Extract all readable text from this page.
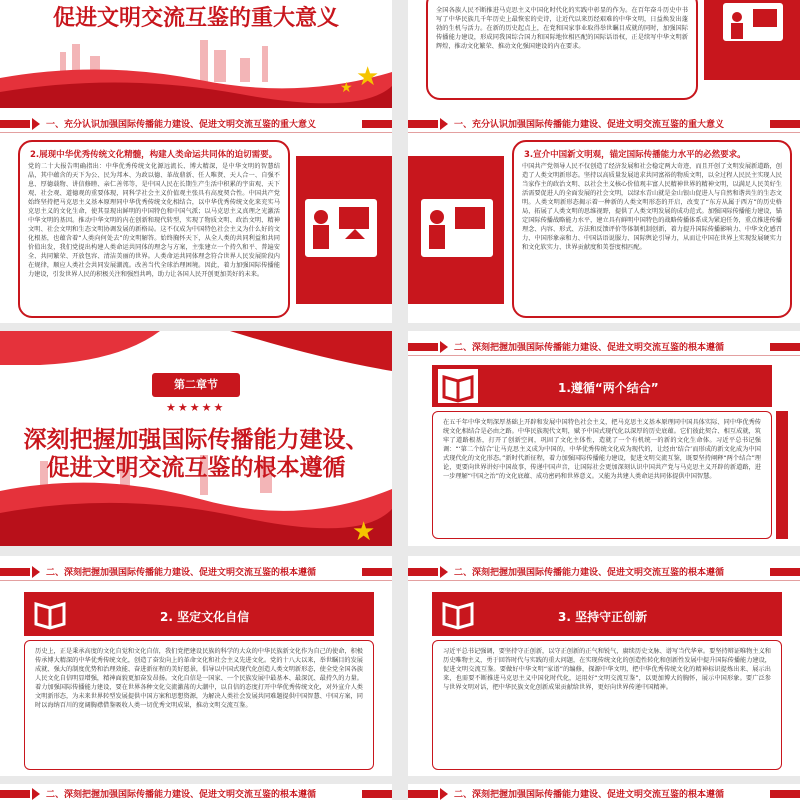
促进文明交流互鉴的重大意义
★
★
全国各族人民不断推进马克思主义中国化时代化的实践中彰显的作为。在百年奋斗历史中书写了中华民族几千年历史上最恢宏的史诗，让近代以来历经艰难的中华文明，日益焕发出蓬勃的生机与活力。在新的历史起点上，在党和国家事业取得举世瞩目成就的同时，加强国际传播能力建设，形成同我国综合国力和国际地位相匹配的国际话语权，正是续写中华文明新辉煌，推动文化繁荣、推动文化强国建设的内在要求。
一、充分认识加强国际传播能力建设、促进文明交流互鉴的重大意义
2.展现中华优秀传统文化精髓，构建人类命运共同体的迫切需要。
党的二十大报告明确指出：中华优秀传统文化源远流长、博大精深，是中华文明的智慧结晶，其中蕴含的天下为公、民为邦本、为政以德、革故鼎新、任人唯贤、天人合一、自强不息、厚德载物、讲信修睦、亲仁善邻等，是中国人民在长期生产生活中积累的宇宙观、天下观、社会观、道德观的重要体现，同科学社会主义价值观主张具有高度契合性。中国共产党始终坚持把马克思主义基本原理同中华优秀传统文化相结合，以中华优秀传统文化来充实马克思主义的文化生命，使其显现出鲜明的中国特色和中国气派；以马克思主义真理之光激活中华文明的基因。推动中华文明的内在创新和现代转型，实现了物质文明、政治文明、精神文明、社会文明和生态文明协调发展的新格局。这不仅成为中国特色社会主义为什么好的文化根基，也蕴含着“人类向何处去”的文明解答。始终胸怀天下，从全人类的共同利益和共同价值出发，我们党提出构建人类命运共同体的理念与方案，主张建立一个持久和平、普遍安全、共同繁荣、开放包容、清洁美丽的世界。人类命运共同体理念符合世界人民发展阶段内在规律，顺应人类社会共同发展潮流。改善当代全球治理困境。因此，着力加强国际传播能力建设，引发世界人民的积极关注和强烈共鸣，助力让各国人民开创更加美好的未来。
一、充分认识加强国际传播能力建设、促进文明交流互鉴的重大意义
3.宣介中国新文明观，锚定国际传播能力水平的必然要求。
中国共产党领导人民不仅创造了经济发展和社会稳定两大奇迹，而且开创了文明发展新道路，创造了人类文明新形态。坚持以高质量发展追求共同富裕的物质文明，以全过程人民民主实现人民当家作主的政治文明、以社会主义核心价值观丰富人民精神世界的精神文明，以满足人民美好生活需要促进人的全面发展的社会文明，以绿水青山就是金山银山促进人与自然和谐共生的生态文明。人类文明新形态揭示着一种新的人类文明形态的开启，改变了“东方从属于西方”的历史格局，拓展了人类文明的思维视野，提供了人类文明发展的成功范式。加强国际传播能力建设，锚定国际传播战略能力水平，建立具有鲜明中国特色的战略传播体系成为紧迫任务，重点推进传播理念、内容、形式、方法和反馈评价等体制机制创新，着力提升国际传播影响力、中华文化感召力、中国形象亲和力、中国话语说服力、国际舆论引导力，从而让中国在世界上实现发展硬实力和文化软实力、世界贡献度和美誉度相匹配。
第二章节
★★★★★
深刻把握加强国际传播能力建设、
促进文明交流互鉴的根本遵循
★
二、深刻把握加强国际传播能力建设、促进文明交流互鉴的根本遵循
1.遵循“两个结合”
在五千年中华文明深厚基础上开辟和发展中国特色社会主义，把马克思主义基本原理同中国具体实际、同中华优秀传统文化相结合是必由之路。中华民族现代文明，赋予中国式现代化以深厚的历史底蕴。它们彼此契合、相互成就，筑牢了道路根基，打开了创新空间，巩固了文化主体性，造就了一个有机统一的新的文化生命体。习近平总书记强调：“‘第二个结合’让马克思主义成为中国的，中华优秀传统文化成为现代的，让经由‘结合’而形成的新文化成为中国式现代化的文化形态。”新时代新征程，着力加强国际传播能力建设，促进文明交流互鉴，既要坚持阐释“两个结合”理论，更要向世界讲好中国故事，传递中国声音，让国际社会更加深刻认识中国共产党与马克思主义开辟的新道路，进一步理解“中国之治”的文化底蕴、成功密码和世界意义。又能为共建人类命运共同体提供中国智慧。
二、深刻把握加强国际传播能力建设、促进文明交流互鉴的根本遵循
2. 坚定文化自信
历史上，正是秉承高度的文化自觉和文化自信，我们党把建设民族的科学的大众的中华民族新文化作为自己的使命，积极传承博大精深的中华优秀传统文化，创造了奋发向上的革命文化和社会主义先进文化。党的十八大以来，举世瞩目的发展成就、强大的制度优势和治理效能、奋进新征程的美好愿景，倡导以中国式现代化创造人类文明新形态，使全党全国各族人民文化自信明显增强，精神面貌更加奋发昂扬。文化自信是一国家、一个民族发展中最基本、最深沉、最持久的力量。着力加强国际传播能力建设，要在世界各种文化交流激荡的大潮中，以自信的态度打开中华优秀传统文化，对外宣介人类文明新形态，为未来世界转型发展提供中国方案和思想资源，为解决人类社会发展共同难题提供中国智慧、中国方案，同时以海纳百川的宽阔胸襟借鉴吸收人类一切优秀文明成果，推动文明交流互鉴。
二、深刻把握加强国际传播能力建设、促进文明交流互鉴的根本遵循
3. 坚持守正创新
习近平总书记强调，要坚持守正创新，以守正创新的正气和锐气，赓续历史文脉、谱写当代华章。要坚持辩证唯物主义和历史唯物主义，勇于回答时代与实践的重大问题，在实现传统文化的创造性转化和创新性发展中提升国际传播能力建设，促进文明交流互鉴。要做好中华文明“家谱”的编修，探源中华文明，把中华优秀传统文化的精神标识提炼出来、展示出来，也需要不断推进马克思主义中国化时代化，运用好“文明交流互鉴”，以更加博大的胸怀，展示中国形象。要广泛参与世界文明对话，把中华民族文化创新成果贡献给世界，更好向世界传递中国精神。
二、深刻把握加强国际传播能力建设、促进文明交流互鉴的根本遵循	二、深刻把握加强国际传播能力建设、促进文明交流互鉴的根本遵循
